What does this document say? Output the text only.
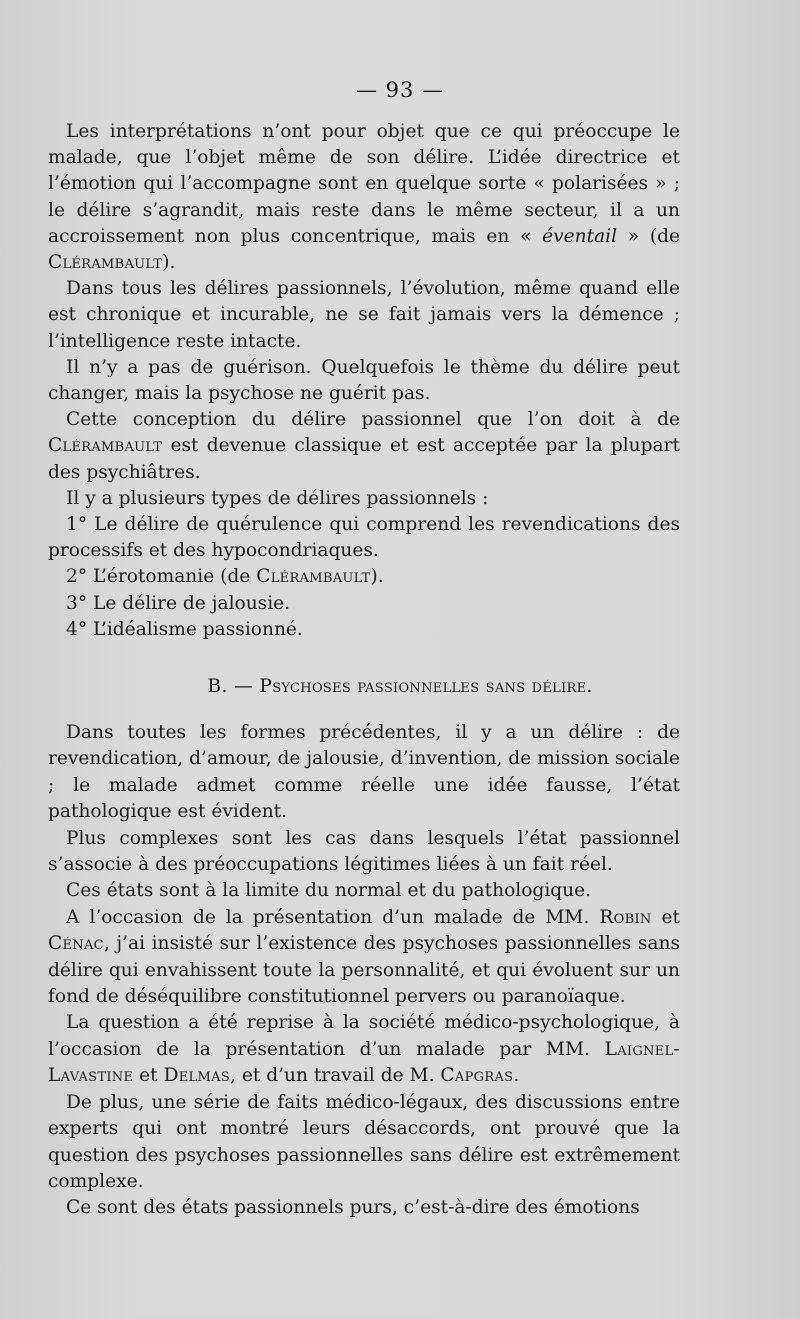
— 93 —

Les interprétations n’ont pour objet que ce qui préoccupe le malade, que l’objet même de son délire. L’idée directrice et l’émotion qui l’accompagne sont en quelque sorte « polarisées » ; le délire s’agrandit, mais reste dans le même secteur, il a un accroissement non plus concentrique, mais en « éventail » (de Clérambault).

Dans tous les délires passionnels, l’évolution, même quand elle est chronique et incurable, ne se fait jamais vers la démence ; l’intelligence reste intacte.

Il n’y a pas de guérison. Quelquefois le thème du délire peut changer, mais la psychose ne guérit pas.

Cette conception du délire passionnel que l’on doit à de Clérambault est devenue classique et est acceptée par la plupart des psychiâtres.

Il y a plusieurs types de délires passionnels :

1° Le délire de quérulence qui comprend les revendications des processifs et des hypocondriaques.

2° L’érotomanie (de Clérambault).

3° Le délire de jalousie.

4° L’idéalisme passionné.

B. — Psychoses passionnelles sans délire.

Dans toutes les formes précédentes, il y a un délire : de revendication, d’amour, de jalousie, d’invention, de mission sociale ; le malade admet comme réelle une idée fausse, l’état pathologique est évident.

Plus complexes sont les cas dans lesquels l’état passionnel s’associe à des préoccupations légitimes liées à un fait réel.

Ces états sont à la limite du normal et du pathologique.

A l’occasion de la présentation d’un malade de MM. Robin et Cénac, j’ai insisté sur l’existence des psychoses passionnelles sans délire qui envahissent toute la personnalité, et qui évoluent sur un fond de déséquilibre constitutionnel pervers ou paranoïaque.

La question a été reprise à la société médico-psychologique, à l’occasion de la présentation d’un malade par MM. Laignel-Lavastine et Delmas, et d’un travail de M. Capgras.

De plus, une série de faits médico-légaux, des discussions entre experts qui ont montré leurs désaccords, ont prouvé que la question des psychoses passionnelles sans délire est extrêmement complexe.

Ce sont des états passionnels purs, c’est-à-dire des émotions
